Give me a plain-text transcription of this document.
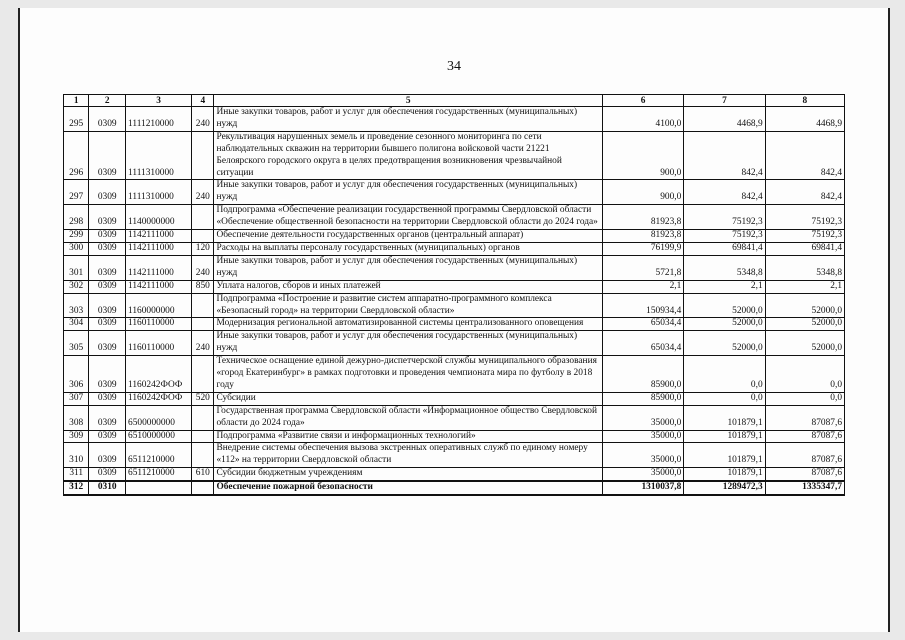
34
1	2	3	4	5	6	7	8
295	0309	1111210000	240	Иные закупки товаров, работ и услуг для обеспечения государственных (муниципальных) нужд	4100,0	4468,9	4468,9
296	0309	1111310000		Рекультивация нарушенных земель и проведение сезонного мониторинга по сети наблюдательных скважин на территории бывшего полигона войсковой части 21221 Белоярского городского округа в целях предотвращения возникновения чрезвычайной ситуации	900,0	842,4	842,4
297	0309	1111310000	240	Иные закупки товаров, работ и услуг для обеспечения государственных (муниципальных) нужд	900,0	842,4	842,4
298	0309	1140000000		Подпрограмма «Обеспечение реализации государственной программы Свердловской области «Обеспечение общественной безопасности на территории Свердловской области до 2024 года»	81923,8	75192,3	75192,3
299	0309	1142111000		Обеспечение деятельности государственных органов (центральный аппарат)	81923,8	75192,3	75192,3
300	0309	1142111000	120	Расходы на выплаты персоналу государственных (муниципальных) органов	76199,9	69841,4	69841,4
301	0309	1142111000	240	Иные закупки товаров, работ и услуг для обеспечения государственных (муниципальных) нужд	5721,8	5348,8	5348,8
302	0309	1142111000	850	Уплата налогов, сборов и иных платежей	2,1	2,1	2,1
303	0309	1160000000		Подпрограмма «Построение и развитие систем аппаратно-программного комплекса «Безопасный город» на территории Свердловской области»	150934,4	52000,0	52000,0
304	0309	1160110000		Модернизация региональной автоматизированной системы централизованного оповещения	65034,4	52000,0	52000,0
305	0309	1160110000	240	Иные закупки товаров, работ и услуг для обеспечения государственных (муниципальных) нужд	65034,4	52000,0	52000,0
306	0309	1160242ФОФ		Техническое оснащение единой дежурно-диспетчерской службы муниципального образования «город Екатеринбург» в рамках подготовки и проведения чемпионата мира по футболу в 2018 году	85900,0	0,0	0,0
307	0309	1160242ФОФ	520	Субсидии	85900,0	0,0	0,0
308	0309	6500000000		Государственная программа Свердловской области «Информационное общество Свердловской области до 2024 года»	35000,0	101879,1	87087,6
309	0309	6510000000		Подпрограмма «Развитие связи и информационных технологий»	35000,0	101879,1	87087,6
310	0309	6511210000		Внедрение системы обеспечения вызова экстренных оперативных служб по единому номеру «112» на территории Свердловской области	35000,0	101879,1	87087,6
311	0309	6511210000	610	Субсидии бюджетным учреждениям	35000,0	101879,1	87087,6
312	0310			Обеспечение пожарной безопасности	1310037,8	1289472,3	1335347,7
